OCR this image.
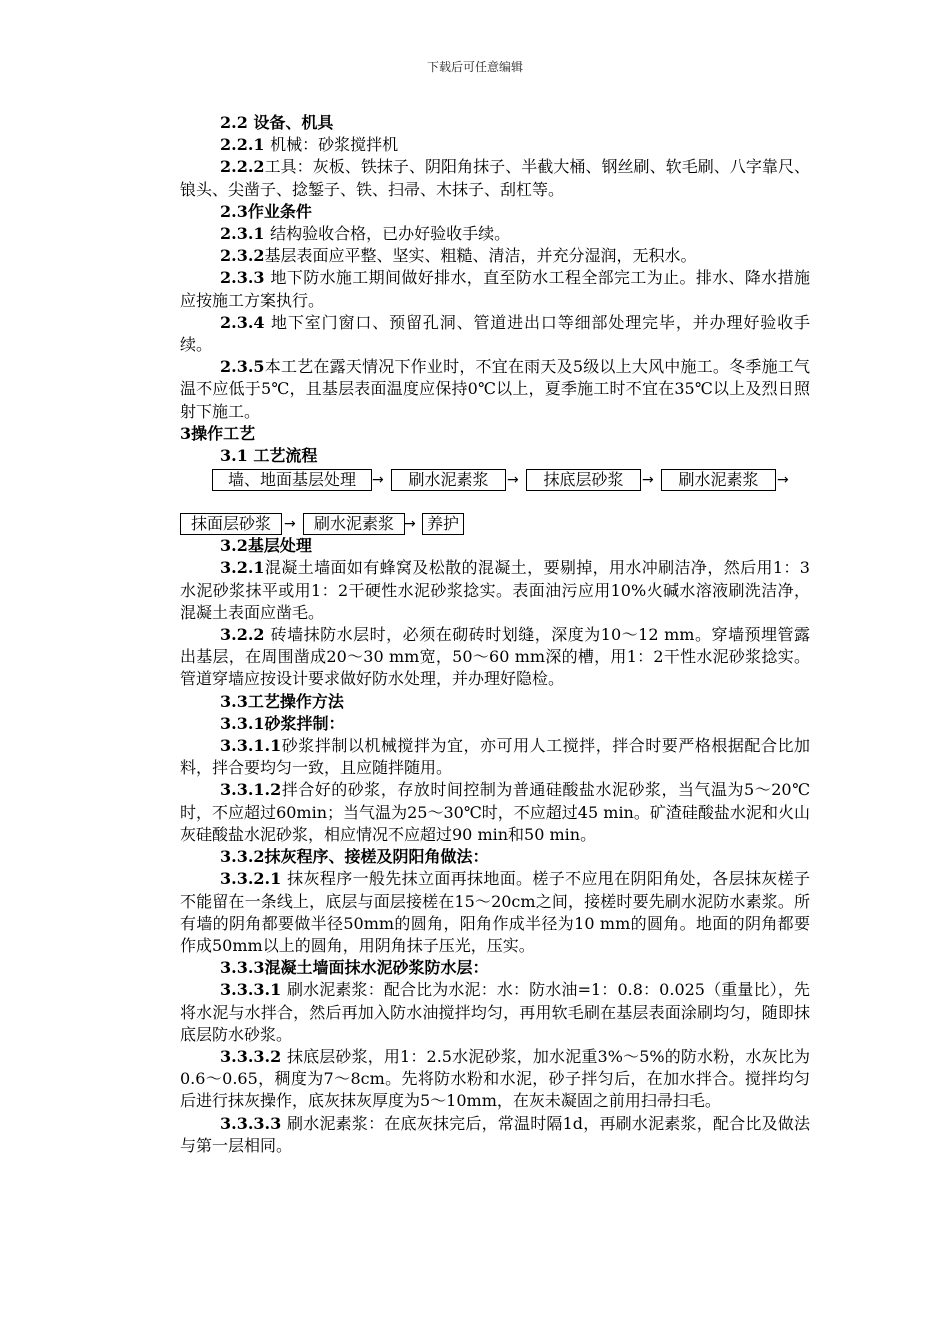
下载后可任意编辑

2.2 设备、机具

2.2.1 机械：砂浆搅拌机

2.2.2工具：灰板、铁抹子、阴阳角抹子、半截大桶、钢丝刷、软毛刷、八字靠尺、锒头、尖凿子、捻錾子、铁、扫帚、木抹子、刮杠等。

2.3作业条件

2.3.1 结构验收合格，已办好验收手续。

2.3.2基层表面应平整、坚实、粗糙、清洁，并充分湿润，无积水。

2.3.3 地下防水施工期间做好排水，直至防水工程全部完工为止。排水、降水措施应按施工方案执行。

2.3.4 地下室门窗口、预留孔洞、管道进出口等细部处理完毕，并办理好验收手续。

2.3.5本工艺在露天情况下作业时，不宜在雨天及5级以上大风中施工。冬季施工气温不应低于5℃，且基层表面温度应保持0℃以上，夏季施工时不宜在35℃以上及烈日照射下施工。

3操作工艺

3.1 工艺流程

墙、地面基层处理	→	刷水泥素浆	→	抹底层砂浆	→	刷水泥素浆	→
抹面层砂浆 →	刷水泥素浆 → 养护

3.2基层处理

3.2.1混凝土墙面如有蜂窝及松散的混凝土，要剔掉，用水冲刷洁净，然后用1：3水泥砂浆抹平或用1：2干硬性水泥砂浆捻实。表面油污应用10%火碱水溶液刷洗洁净，混凝土表面应凿毛。

3.2.2 砖墙抹防水层时，必须在砌砖时划缝，深度为10～12 mm。穿墙预埋管露出基层，在周围凿成20～30 mm宽，50～60 mm深的槽，用1：2干性水泥砂浆捻实。管道穿墙应按设计要求做好防水处理，并办理好隐检。

3.3工艺操作方法

3.3.1砂浆拌制：

3.3.1.1砂浆拌制以机械搅拌为宜，亦可用人工搅拌，拌合时要严格根据配合比加料，拌合要均匀一致，且应随拌随用。

3.3.1.2拌合好的砂浆，存放时间控制为普通硅酸盐水泥砂浆，当气温为5～20℃时，不应超过60min；当气温为25～30℃时，不应超过45 min。矿渣硅酸盐水泥和火山灰硅酸盐水泥砂浆，相应情况不应超过90 min和50 min。

3.3.2抹灰程序、接槎及阴阳角做法：

3.3.2.1 抹灰程序一般先抹立面再抹地面。槎子不应甩在阴阳角处，各层抹灰槎子不能留在一条线上，底层与面层接槎在15～20cm之间，接槎时要先刷水泥防水素浆。所有墙的阴角都要做半径50mm的圆角，阳角作成半径为10 mm的圆角。地面的阴角都要作成50mm以上的圆角，用阴角抹子压光，压实。

3.3.3混凝土墙面抹水泥砂浆防水层：

3.3.3.1 刷水泥素浆：配合比为水泥：水：防水油=1：0.8：0.025（重量比），先将水泥与水拌合，然后再加入防水油搅拌均匀，再用软毛刷在基层表面涂刷均匀，随即抹底层防水砂浆。

3.3.3.2 抹底层砂浆，用1：2.5水泥砂浆，加水泥重3%～5%的防水粉，水灰比为0.6～0.65，稠度为7～8cm。先将防水粉和水泥，砂子拌匀后，在加水拌合。搅拌均匀后进行抹灰操作，底灰抹灰厚度为5～10mm，在灰未凝固之前用扫帚扫毛。

3.3.3.3 刷水泥素浆：在底灰抹完后，常温时隔1d，再刷水泥素浆，配合比及做法与第一层相同。
